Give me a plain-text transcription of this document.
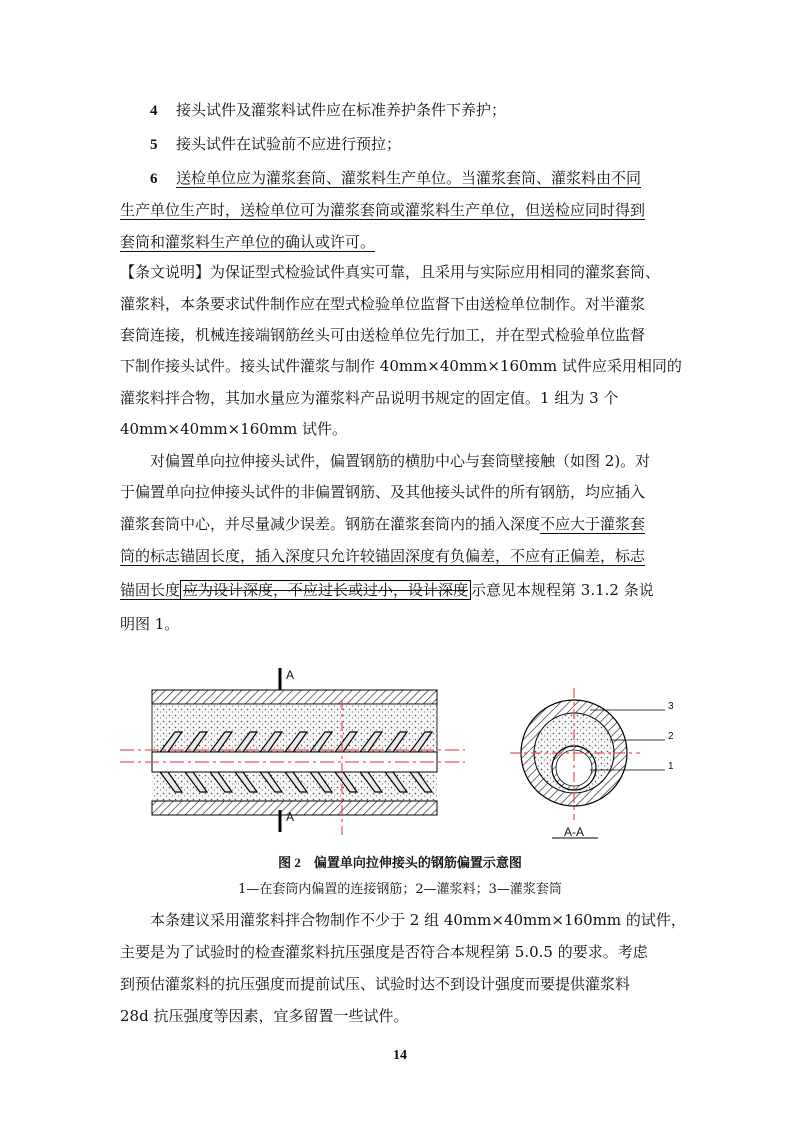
4 接头试件及灌浆料试件应在标准养护条件下养护；
5 接头试件在试验前不应进行预拉；
6 送检单位应为灌浆套筒、灌浆料生产单位。当灌浆套筒、灌浆料由不同
生产单位生产时，送检单位可为灌浆套筒或灌浆料生产单位，但送检应同时得到
套筒和灌浆料生产单位的确认或许可。
【条文说明】为保证型式检验试件真实可靠，且采用与实际应用相同的灌浆套筒、
灌浆料，本条要求试件制作应在型式检验单位监督下由送检单位制作。对半灌浆
套筒连接，机械连接端钢筋丝头可由送检单位先行加工，并在型式检验单位监督
下制作接头试件。接头试件灌浆与制作 40mm×40mm×160mm 试件应采用相同的
灌浆料拌合物，其加水量应为灌浆料产品说明书规定的固定值。1 组为 3 个
40mm×40mm×160mm 试件。
对偏置单向拉伸接头试件，偏置钢筋的横肋中心与套筒壁接触（如图 2)。对
于偏置单向拉伸接头试件的非偏置钢筋、及其他接头试件的所有钢筋，均应插入
灌浆套筒中心，并尽量减少误差。钢筋在灌浆套筒内的插入深度不应大于灌浆套
筒的标志锚固长度，插入深度只允许较锚固深度有负偏差，不应有正偏差，标志
锚固长度 应为设计深度，不应过长或过小，设计深度 示意见本规程第 3.1.2 条说
明图 1。
A
A
A-A
3
2
1
图 2　偏置单向拉伸接头的钢筋偏置示意图
1—在套筒内偏置的连接钢筋；2—灌浆料；3—灌浆套筒
本条建议采用灌浆料拌合物制作不少于 2 组 40mm×40mm×160mm 的试件，
主要是为了试验时的检查灌浆料抗压强度是否符合本规程第 5.0.5 的要求。考虑
到预估灌浆料的抗压强度而提前试压、试验时达不到设计强度而要提供灌浆料
28d 抗压强度等因素，宜多留置一些试件。
14
